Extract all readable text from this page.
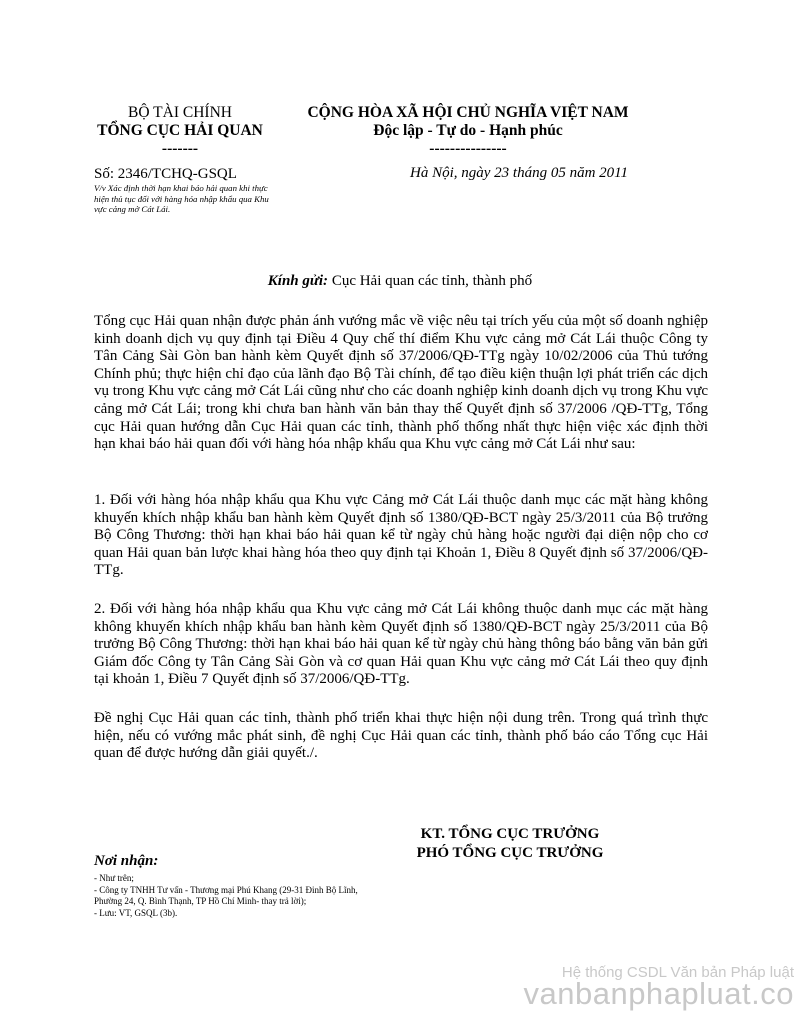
BỘ TÀI CHÍNH
TỔNG CỤC HẢI QUAN
-------
CỘNG HÒA XÃ HỘI CHỦ NGHĨA VIỆT NAM
Độc lập - Tự do - Hạnh phúc
---------------
Số: 2346/TCHQ-GSQL
V/v Xác định thời hạn khai báo hải quan khi thực hiện thủ tục đối với hàng hóa nhập khẩu qua Khu vực cảng mở Cát Lái.
Hà Nội, ngày 23 tháng 05 năm 2011
Kính gửi: Cục Hải quan các tỉnh, thành phố
Tổng cục Hải quan nhận được phản ánh vướng mắc về việc nêu tại trích yếu của một số doanh nghiệp kinh doanh dịch vụ quy định tại Điều 4 Quy chế thí điểm Khu vực cảng mở Cát Lái thuộc Công ty Tân Cảng Sài Gòn ban hành kèm Quyết định số 37/2006/QĐ-TTg ngày 10/02/2006 của Thủ tướng Chính phủ; thực hiện chỉ đạo của lãnh đạo Bộ Tài chính, để tạo điều kiện thuận lợi phát triển các dịch vụ trong Khu vực cảng mở Cát Lái cũng như cho các doanh nghiệp kinh doanh dịch vụ trong Khu vực cảng mở Cát Lái; trong khi chưa ban hành văn bản thay thế Quyết định số 37/2006 /QĐ-TTg, Tổng cục Hải quan hướng dẫn Cục Hải quan các tỉnh, thành phố thống nhất thực hiện việc xác định thời hạn khai báo hải quan đối với hàng hóa nhập khẩu qua Khu vực cảng mở Cát Lái như sau:
1. Đối với hàng hóa nhập khẩu qua Khu vực Cảng mở Cát Lái thuộc danh mục các mặt hàng không khuyến khích nhập khẩu ban hành kèm Quyết định số 1380/QĐ-BCT ngày 25/3/2011 của Bộ trưởng Bộ Công Thương: thời hạn khai báo hải quan kể từ ngày chủ hàng hoặc người đại diện nộp cho cơ quan Hải quan bản lược khai hàng hóa theo quy định tại Khoản 1, Điều 8 Quyết định số 37/2006/QĐ-TTg.
2. Đối với hàng hóa nhập khẩu qua Khu vực cảng mở Cát Lái không thuộc danh mục các mặt hàng không khuyến khích nhập khẩu ban hành kèm Quyết định số 1380/QĐ-BCT ngày 25/3/2011 của Bộ trưởng Bộ Công Thương: thời hạn khai báo hải quan kể từ ngày chủ hàng thông báo bằng văn bản gửi Giám đốc Công ty Tân Cảng Sài Gòn và cơ quan Hải quan Khu vực cảng mở Cát Lái theo quy định tại khoản 1, Điều 7 Quyết định số 37/2006/QĐ-TTg.
Đề nghị Cục Hải quan các tỉnh, thành phố triển khai thực hiện nội dung trên. Trong quá trình thực hiện, nếu có vướng mắc phát sinh, đề nghị Cục Hải quan các tỉnh, thành phố báo cáo Tổng cục Hải quan để được hướng dẫn giải quyết./.
KT. TỔNG CỤC TRƯỞNG
PHÓ TỔNG CỤC TRƯỞNG
Nơi nhận:
- Như trên;
- Công ty TNHH Tư vấn - Thương mại Phú Khang (29-31 Đinh Bộ Lĩnh, Phường 24, Q. Bình Thạnh, TP Hồ Chí Minh- thay trả lời);
- Lưu: VT, GSQL (3b).
Hệ thống CSDL Văn bản Pháp luật
vanbanphapluat.co
